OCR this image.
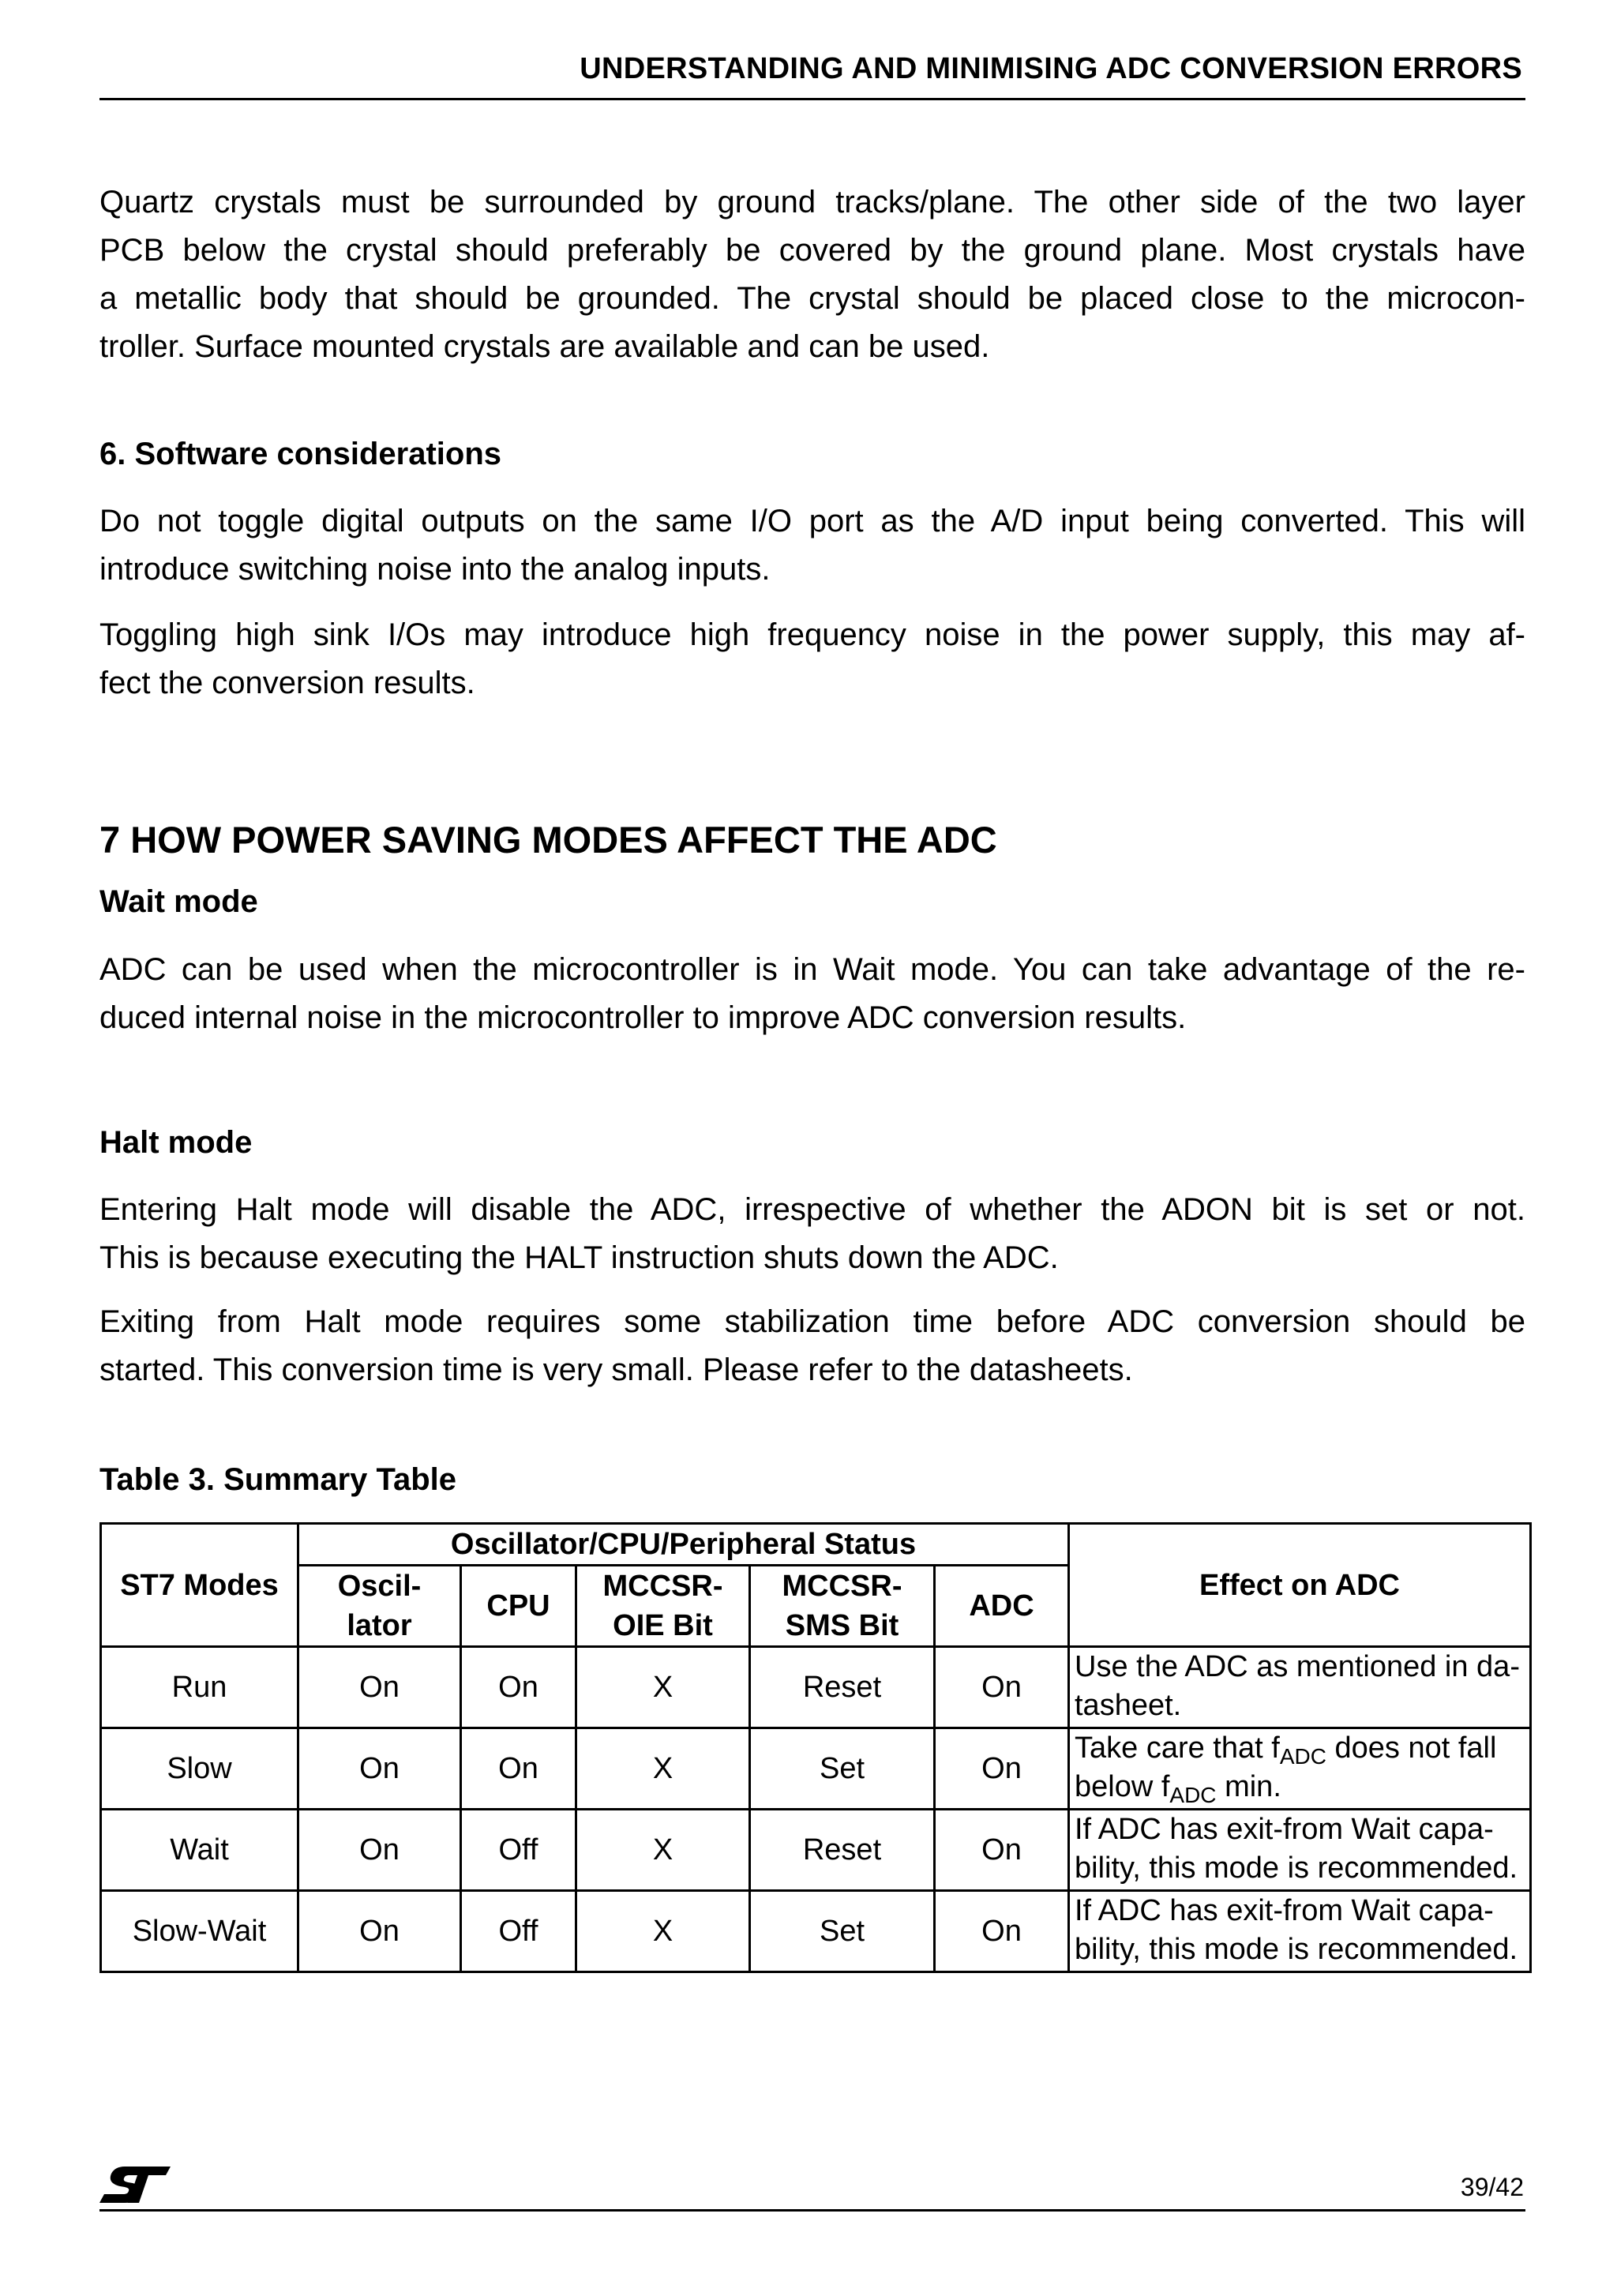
UNDERSTANDING AND MINIMISING ADC CONVERSION ERRORS

Quartz crystals must be surrounded by ground tracks/plane. The other side of the two layer
PCB below the crystal should preferably be covered by the ground plane. Most crystals have
a metallic body that should be grounded. The crystal should be placed close to the microcon-
troller. Surface mounted crystals are available and can be used.

6. Software considerations

Do not toggle digital outputs on the same I/O port as the A/D input being converted. This will
introduce switching noise into the analog inputs.

Toggling high sink I/Os may introduce high frequency noise in the power supply, this may af-
fect the conversion results.

7 HOW POWER SAVING MODES AFFECT THE ADC
Wait mode

ADC can be used when the microcontroller is in Wait mode. You can take advantage of the re-
duced internal noise in the microcontroller to improve ADC conversion results.

Halt mode

Entering Halt mode will disable the ADC, irrespective of whether the ADON bit is set or not.
This is because executing the HALT instruction shuts down the ADC.

Exiting from Halt mode requires some stabilization time before ADC conversion should be
started. This conversion time is very small. Please refer to the datasheets.

Table 3. Summary Table
ST7 Modes	Oscillator/CPU/Peripheral Status					Effect on ADC

	Oscil-
lator	CPU	MCCSR-
OIE Bit	MCCSR-
SMS Bit	ADC	
Run	On	On	X	Reset	On	Use the ADC as mentioned in da-
tasheet.

Slow	On	On	X	Set	On	Take care that $f_{ADC}$ does not fall
below $f_{ADC}$ min.

Wait	On	Off	X	Reset	On	If ADC has exit-from Wait capa-
bility, this mode is recommended.

Slow-Wait	On	Off	X	Set	On	If ADC has exit-from Wait capa-
bility, this mode is recommended.
39/42
